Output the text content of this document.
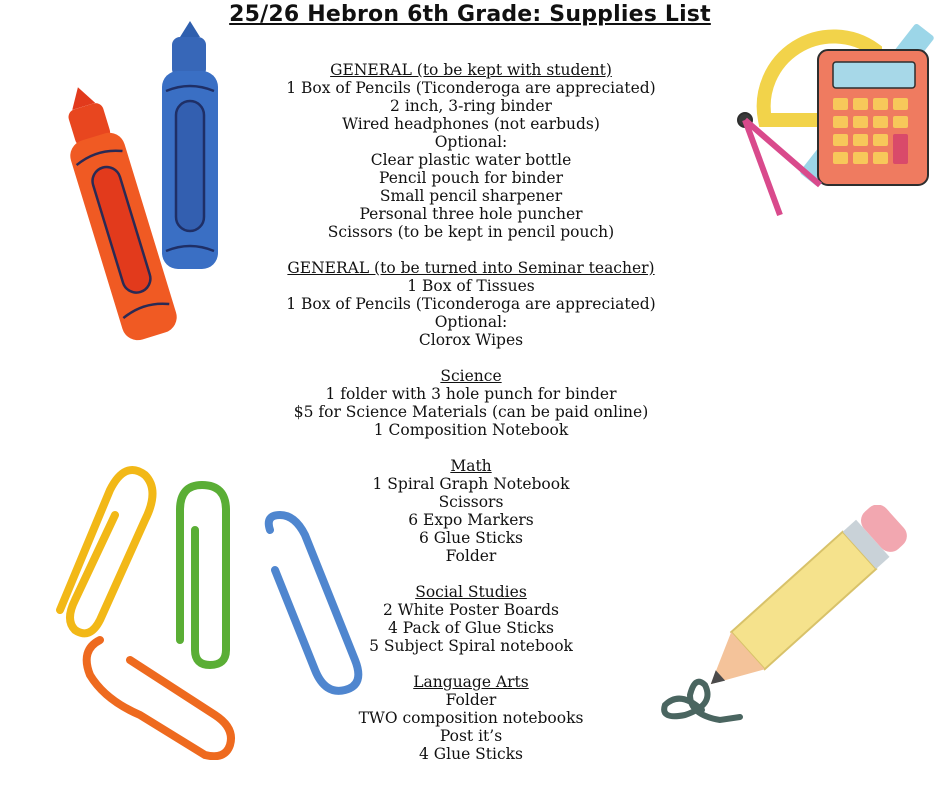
25/26 Hebron 6th Grade: Supplies List
GENERAL (to be kept with student)
1 Box of Pencils (Ticonderoga are appreciated)
2 inch, 3-ring binder
Wired headphones (not earbuds)
Optional:
Clear plastic water bottle
Pencil pouch for binder
Small pencil sharpener
Personal three hole puncher
Scissors (to be kept in pencil pouch)
GENERAL (to be turned into Seminar teacher)
1 Box of Tissues
1 Box of Pencils (Ticonderoga are appreciated)
Optional:
Clorox Wipes
Science
1 folder with 3 hole punch for binder
$5 for Science Materials (can be paid online)
1 Composition Notebook
Math
1 Spiral Graph Notebook
Scissors
6 Expo Markers
6 Glue Sticks
Folder
Social Studies
2 White Poster Boards
4 Pack of Glue Sticks
5 Subject Spiral notebook
Language Arts
Folder
TWO composition notebooks
Post it’s
4 Glue Sticks
